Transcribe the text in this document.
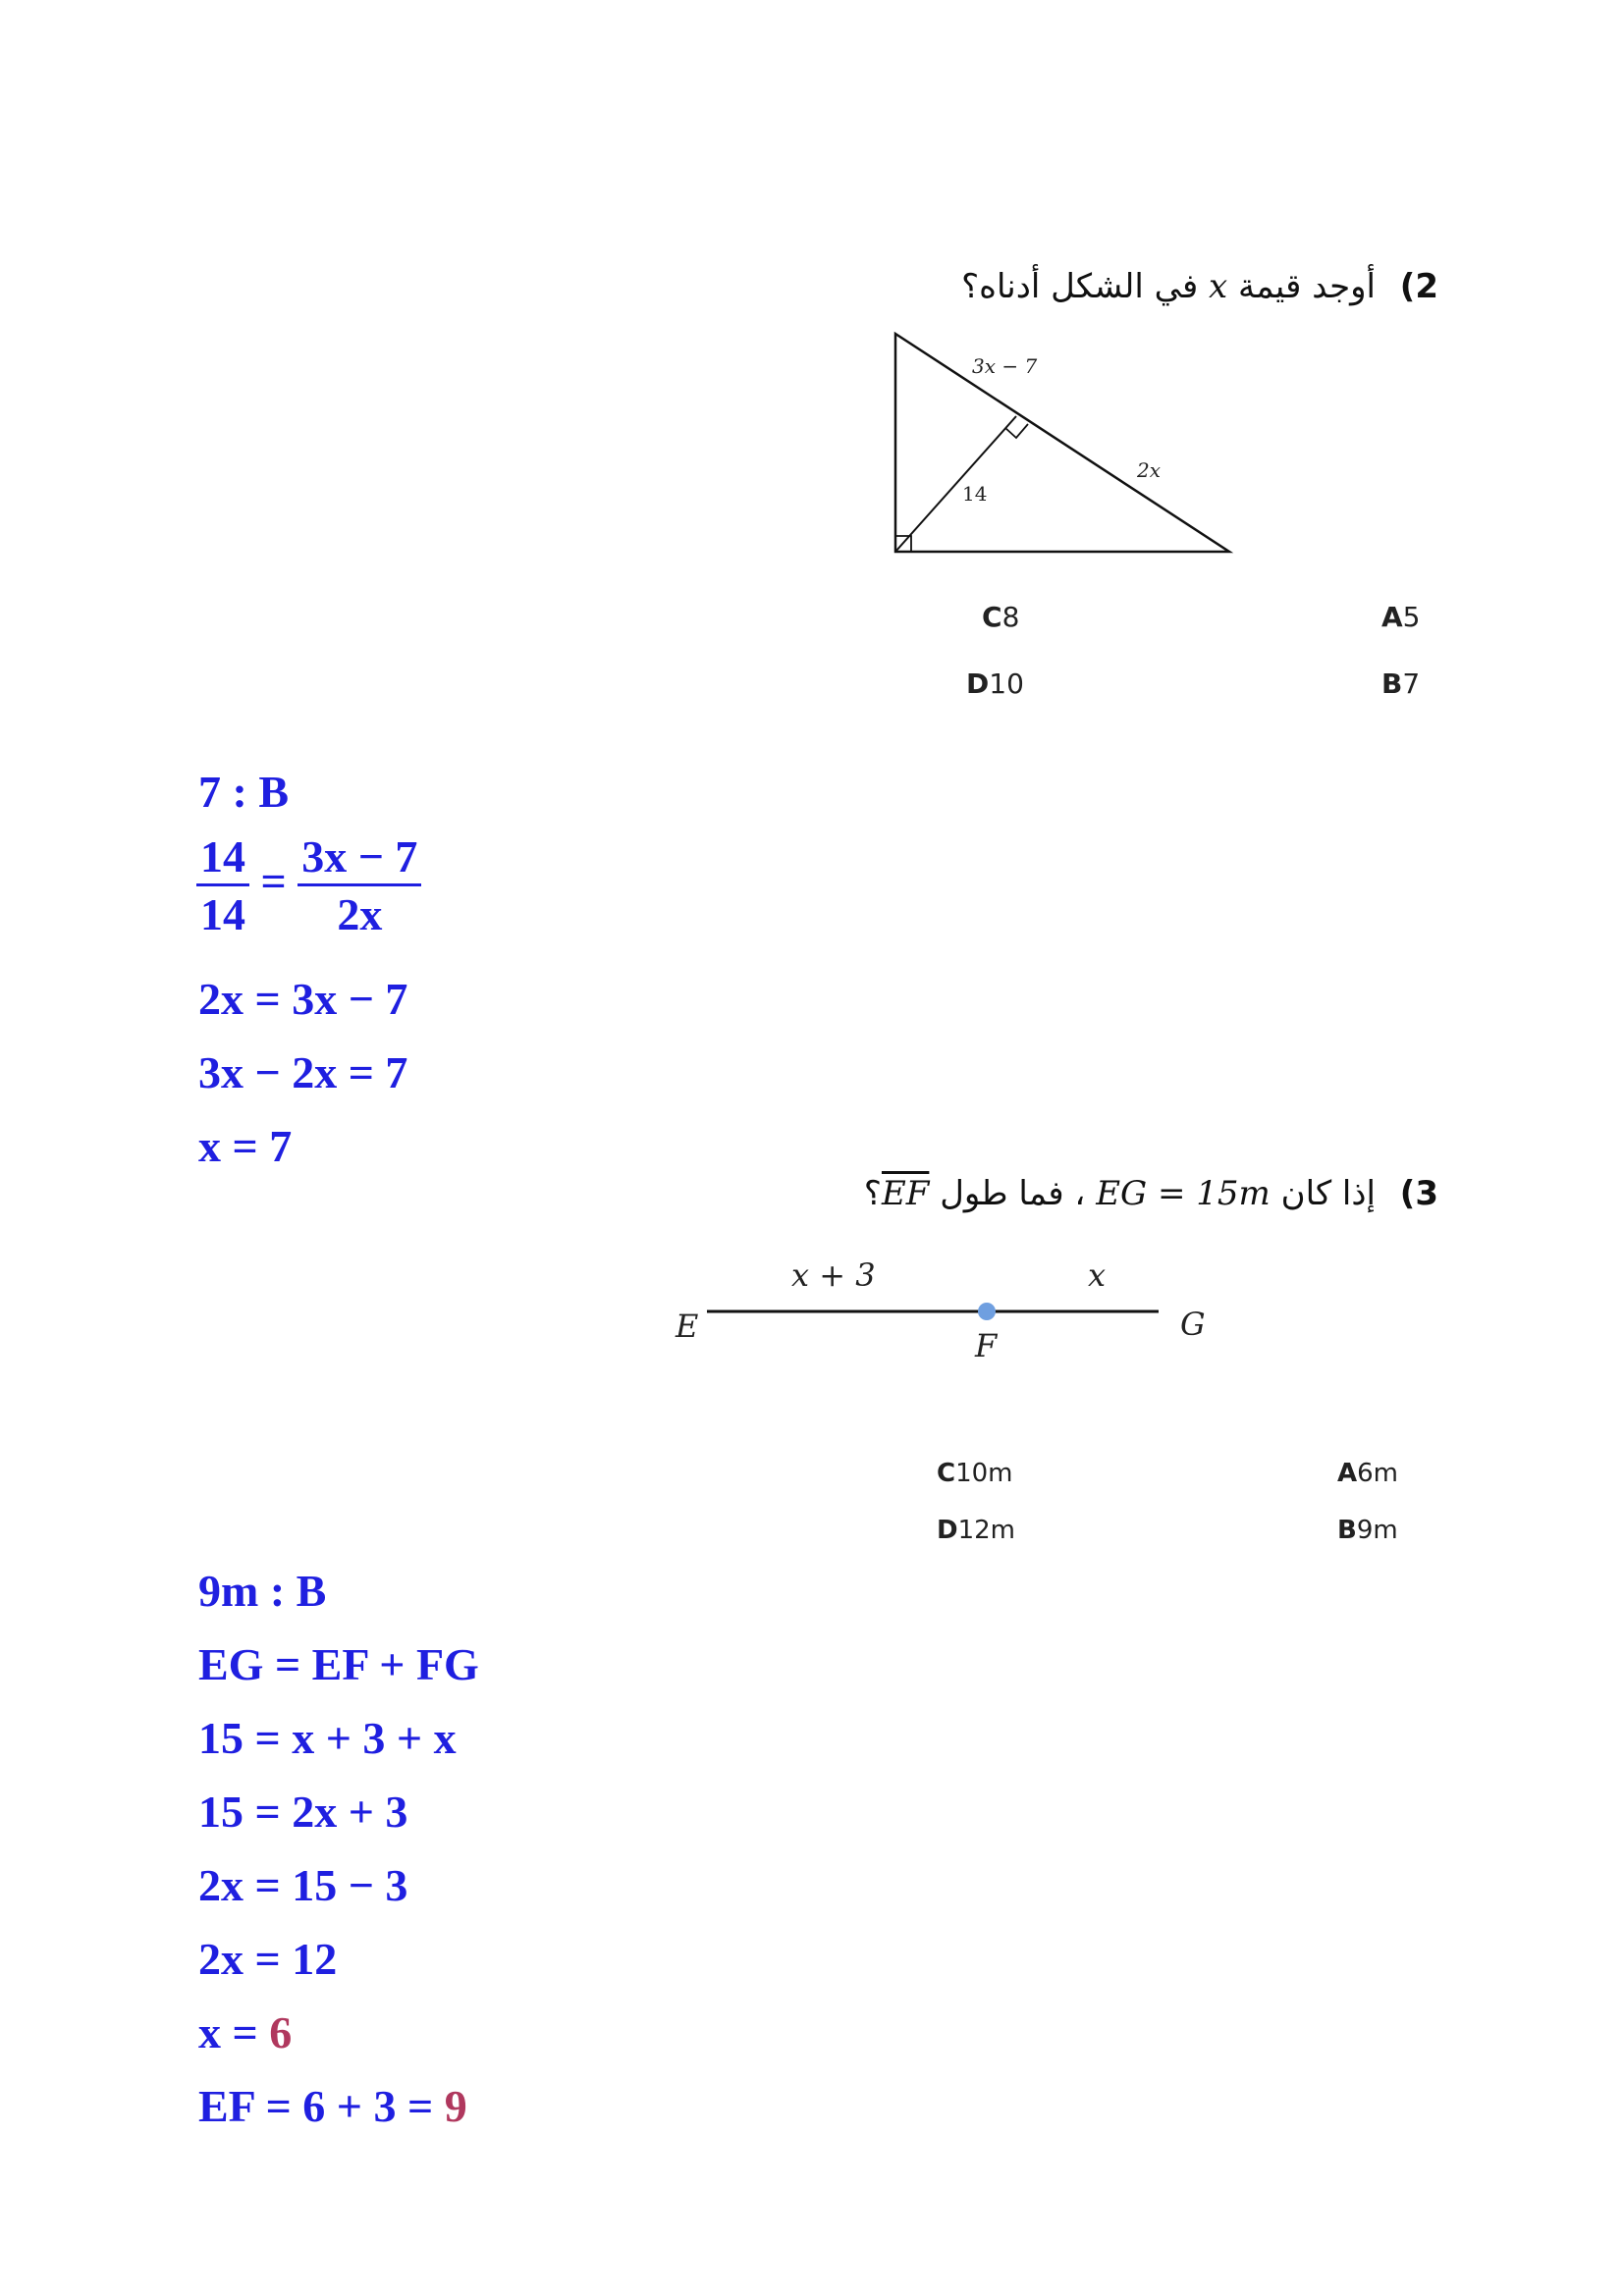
2) أوجد قيمة x في الشكل أدناه؟
3x − 7
2x
14
C8	A5
D10	B7
7 : B
$\frac{14}{14} = \frac{3x - 7}{2x}$
2x = 3x − 7
3x − 2x = 7
x = 7
3) إذا كان EG = 15m ، فما طول EF؟
E
F
G
x + 3	x
C10m	A6m
D12m	B9m
9m : B
EG = EF + FG
15 = x + 3 + x
15 = 2x + 3
2x = 15 − 3
2x = 12
x = 6
EF = 6 + 3 = 9
